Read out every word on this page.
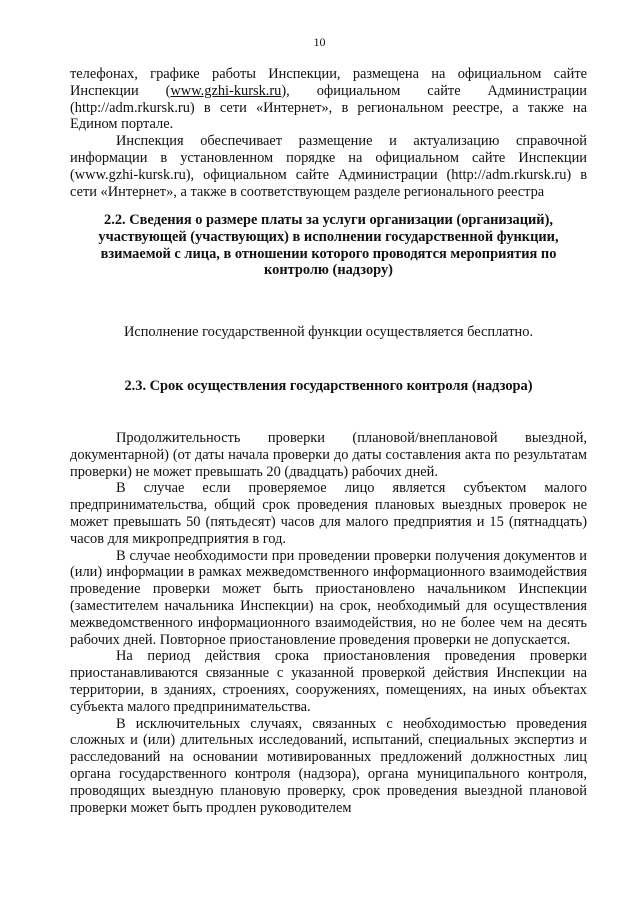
10

телефонах, графике работы Инспекции, размещена на официальном сайте Инспекции (www.gzhi-kursk.ru), официальном сайте Администрации (http://adm.rkursk.ru) в сети «Интернет», в региональном реестре, а также на Едином портале.

Инспекция обеспечивает размещение и актуализацию справочной информации в установленном порядке на официальном сайте Инспекции (www.gzhi-kursk.ru), официальном сайте Администрации (http://adm.rkursk.ru) в сети «Интернет», а также в соответствующем разделе регионального реестра

2.2. Сведения о размере платы за услуги организации (организаций), участвующей (участвующих) в исполнении государственной функции, взимаемой с лица, в отношении которого проводятся мероприятия по контролю (надзору)
Исполнение государственной функции осуществляется бесплатно.
2.3. Срок осуществления государственного контроля (надзора)

Продолжительность проверки (плановой/внеплановой выездной, документарной) (от даты начала проверки до даты составления акта по результатам проверки) не может превышать 20 (двадцать) рабочих дней.

В случае если проверяемое лицо является субъектом малого предпринимательства, общий срок проведения плановых выездных проверок не может превышать 50 (пятьдесят) часов для малого предприятия и 15 (пятнадцать) часов для микропредприятия в год.

В случае необходимости при проведении проверки получения документов и (или) информации в рамках межведомственного информационного взаимодействия проведение проверки может быть приостановлено начальником Инспекции (заместителем начальника Инспекции) на срок, необходимый для осуществления межведомственного информационного взаимодействия, но не более чем на десять рабочих дней. Повторное приостановление проведения проверки не допускается.

На период действия срока приостановления проведения проверки приостанавливаются связанные с указанной проверкой действия Инспекции на территории, в зданиях, строениях, сооружениях, помещениях, на иных объектах субъекта малого предпринимательства.

В исключительных случаях, связанных с необходимостью проведения сложных и (или) длительных исследований, испытаний, специальных экспертиз и расследований на основании мотивированных предложений должностных лиц органа государственного контроля (надзора), органа муниципального контроля, проводящих выездную плановую проверку, срок проведения выездной плановой проверки может быть продлен руководителем
